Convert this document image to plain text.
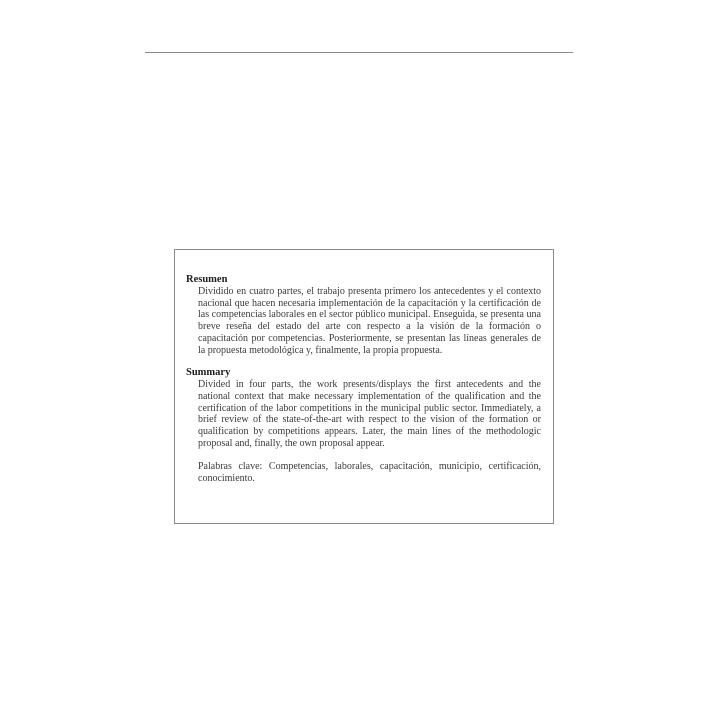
Resumen

Dividido en cuatro partes, el trabajo presenta primero los antecedentes y el contexto nacional que hacen necesaria implementación de la capacitación y la certificación de las competencias laborales en el sector público municipal. Enseguida, se presenta una breve reseña del estado del arte con respecto a la visión de la formación o capacitación por competencias. Posteriormente, se presentan las líneas generales de la propuesta metodológica y, finalmente, la propia propuesta.

Summary

Divided in four parts, the work presents/displays the first antecedents and the national context that make necessary implementation of the qualification and the certification of the labor competitions in the municipal public sector. Immediately, a brief review of the state-of-the-art with respect to the vision of the formation or qualification by competitions appears. Later, the main lines of the methodologic proposal and, finally, the own proposal appear.

Palabras clave: Competencias, laborales, capacitación, municipio, certificación, conocimiento.
